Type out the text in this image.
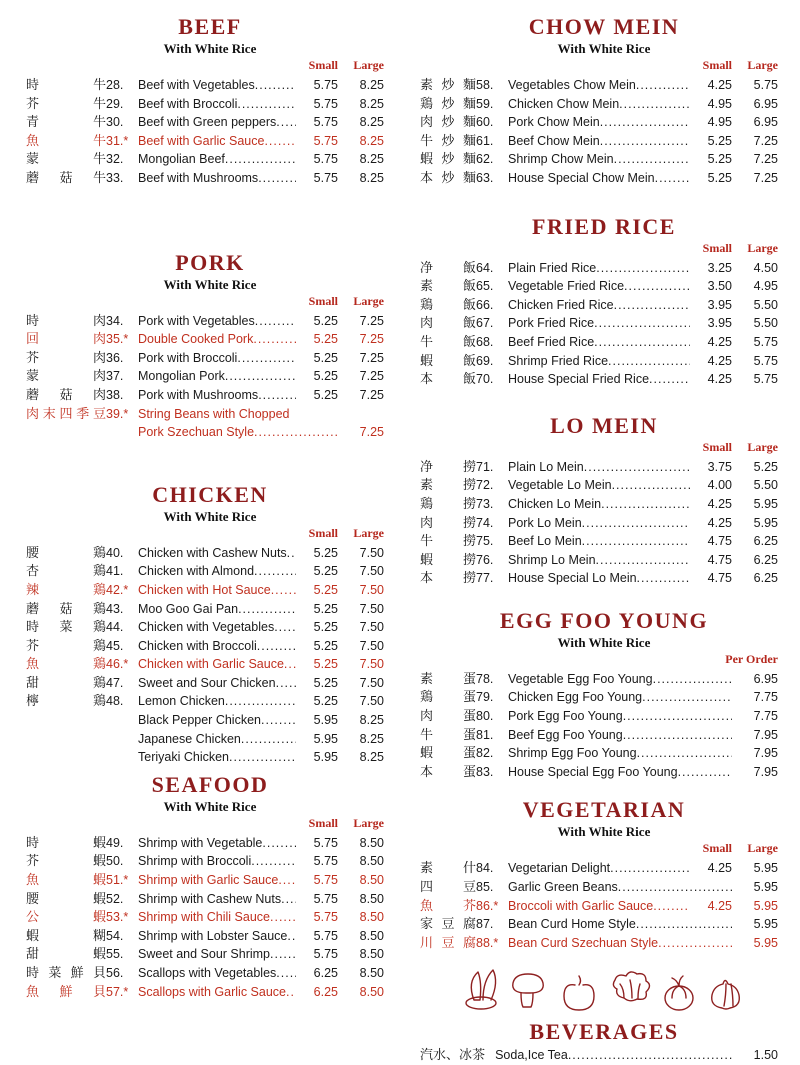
BEEF
With White Rice
Small	Large
時	牛 28.	Beef with Vegetables .....	5.75	8.25
芥	牛 29.	Beef with Broccoli .....	5.75	8.25
青	牛 30.	Beef with Green peppers .....	5.75	8.25
魚	牛 31.* Beef with Garlic Sauce .....	5.75	8.25
蒙	牛 32.	Mongolian Beef .....	5.75	8.25
蘑 菇 牛 33.	Beef with Mushrooms .....	5.75	8.25
PORK
With White Rice
Small	Large
時	肉 34.	Pork with Vegetables .....	5.25	7.25
回	肉 35.* Double Cooked Pork .....	5.25	7.25
芥	肉 36.	Pork with Broccoli .....	5.25	7.25
蒙	肉 37.	Mongolian Pork .....	5.25	7.25
蘑 菇 肉 38.	Pork with Mushrooms .....	5.25	7.25
肉 末 四 季 豆 39.* String Beans with Chopped
Pork Szechuan Style .....	7.25
CHICKEN
With White Rice
Small	Large
腰	鶏 40.	Chicken with Cashew Nuts .....	5.25	7.50
杏	鶏 41.	Chicken with Almond .....	5.25	7.50
辣	鶏 42.* Chicken with Hot Sauce .....	5.25	7.50
蘑 菇 鶏 43.	Moo Goo Gai Pan .....	5.25	7.50
時 菜 鶏 44.	Chicken with Vegetables .....	5.25	7.50
芥	鶏 45.	Chicken with Broccoli .....	5.25	7.50
魚	鶏 46.* Chicken with Garlic Sauce .....	5.25	7.50
甜	鶏 47.	Sweet and Sour Chicken .....	5.25	7.50
檸	鶏 48.	Lemon Chicken .....	5.25	7.50
Black Pepper Chicken .....	5.95	8.25
Japanese Chicken .....	5.95	8.25
Teriyaki Chicken .....	5.95	8.25
SEAFOOD
With White Rice
Small	Large
時	蝦 49.	Shrimp with Vegetable .....	5.75	8.50
芥	蝦 50.	Shrimp with Broccoli .....	5.75	8.50
魚	蝦 51.* Shrimp with Garlic Sauce .....	5.75	8.50
腰	蝦 52.	Shrimp with Cashew Nuts .....	5.75	8.50
公	蝦 53.* Shrimp with Chili Sauce .....	5.75	8.50
蝦	糊 54.	Shrimp with Lobster Sauce .....	5.75	8.50
甜	蝦 55.	Sweet and Sour Shrimp .....	5.75	8.50
時 菜 鮮 貝 56.	Scallops with Vegetables .....	6.25	8.50
魚 鮮 貝 57.* Scallops with Garlic Sauce .....	6.25	8.50
CHOW MEIN
With White Rice
Small	Large
素 炒 麵 58.	Vegetables Chow Mein .....	4.25	5.75
鶏 炒 麵 59.	Chicken Chow Mein .....	4.95	6.95
肉 炒 麵 60.	Pork Chow Mein .....	4.95	6.95
牛 炒 麵 61.	Beef Chow Mein .....	5.25	7.25
蝦 炒 麵 62.	Shrimp Chow Mein .....	5.25	7.25
本 炒 麵 63.	House Special Chow Mein .....	5.25	7.25
FRIED RICE
Small	Large
净 飯 64.	Plain Fried Rice .....	3.25	4.50
素 飯 65.	Vegetable Fried Rice .....	3.50	4.95
鶏 飯 66.	Chicken Fried Rice .....	3.95	5.50
肉 飯 67.	Pork Fried Rice .....	3.95	5.50
牛 飯 68.	Beef Fried Rice .....	4.25	5.75
蝦 飯 69.	Shrimp Fried Rice .....	4.25	5.75
本 飯 70.	House Special Fried Rice .....	4.25	5.75
LO MEIN
Small	Large
净 撈 71.	Plain Lo Mein .....	3.75	5.25
素 撈 72.	Vegetable Lo Mein .....	4.00	5.50
鶏 撈 73.	Chicken Lo Mein .....	4.25	5.95
肉 撈 74.	Pork Lo Mein .....	4.25	5.95
牛 撈 75.	Beef Lo Mein .....	4.75	6.25
蝦 撈 76.	Shrimp Lo Mein .....	4.75	6.25
本 撈 77.	House Special Lo Mein .....	4.75	6.25
EGG FOO YOUNG
With White Rice
Per Order
素 蛋 78.	Vegetable Egg Foo Young .....	6.95
鶏 蛋 79.	Chicken Egg Foo Young .....	7.75
肉 蛋 80.	Pork Egg Foo Young .....	7.75
牛 蛋 81.	Beef Egg Foo Young .....	7.95
蝦 蛋 82.	Shrimp Egg Foo Young .....	7.95
本 蛋 83.	House Special Egg Foo Young .....	7.95
VEGETARIAN
With White Rice
Small	Large
素 什 84.	Vegetarian Delight .....	4.25	5.95
四 豆 85.	Garlic Green Beans .....	5.95
魚 芥 86.* Broccoli with Garlic Sauce .....	4.25	5.95
家 豆 腐 87.	Bean Curd Home Style .....	5.95
川 豆 腐 88.* Bean Curd Szechuan Style .....	5.95
BEVERAGES
汽 水 、 冰 茶 Soda,Ice Tea .....	1.50
